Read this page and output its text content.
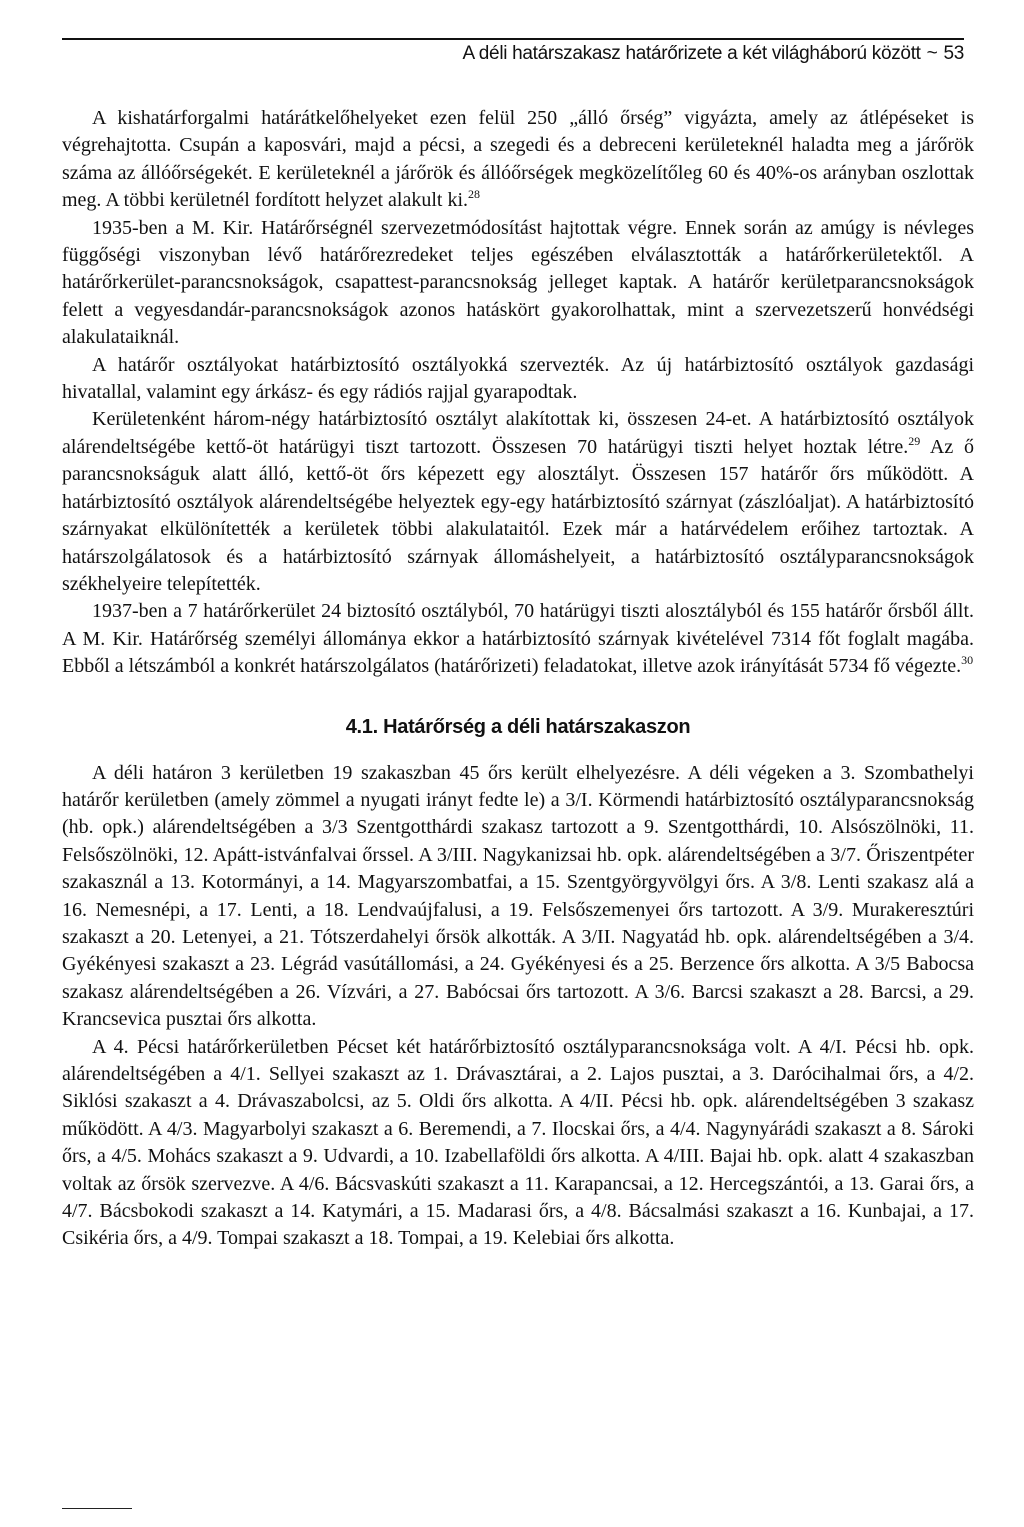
A déli határszakasz határőrizete a két világháború között ~ 53

A kishatárforgalmi határátkelőhelyeket ezen felül 250 „álló őrség” vigyázta, amely az átlépéseket is végrehajtotta. Csupán a kaposvári, majd a pécsi, a szegedi és a debreceni kerületeknél haladta meg a járőrök száma az állóőrségekét. E kerületeknél a járőrök és állóőrségek megközelítőleg 60 és 40%-os arányban oszlottak meg. A többi kerületnél fordított helyzet alakult ki.$^{28}$

1935-ben a M. Kir. Határőrségnél szervezetmódosítást hajtottak végre. Ennek során az amúgy is névleges függőségi viszonyban lévő határőrezredeket teljes egészében elválasztották a határőrkerületektől. A határőrkerület-parancsnokságok, csapattest-parancsnokság jelleget kaptak. A határőr kerületparancsnokságok felett a vegyesdandár-parancsnokságok azonos hatáskört gyakorolhattak, mint a szervezetszerű honvédségi alakulataiknál.

A határőr osztályokat határbiztosító osztályokká szervezték. Az új határbiztosító osztályok gazdasági hivatallal, valamint egy árkász- és egy rádiós rajjal gyarapodtak.

Kerületenként három-négy határbiztosító osztályt alakítottak ki, összesen 24-et. A határbiztosító osztályok alárendeltségébe kettő-öt határügyi tiszt tartozott. Összesen 70 határügyi tiszti helyet hoztak létre.$^{29}$ Az ő parancsnokságuk alatt álló, kettő-öt őrs képezett egy alosztályt. Összesen 157 határőr őrs működött. A határbiztosító osztályok alárendeltségébe helyeztek egy-egy határbiztosító szárnyat (zászlóaljat). A határbiztosító szárnyakat elkülönítették a kerületek többi alakulataitól. Ezek már a határvédelem erőihez tartoztak. A határszolgálatosok és a határbiztosító szárnyak állomáshelyeit, a határbiztosító osztályparancsnokságok székhelyeire telepítették.

1937-ben a 7 határőrkerület 24 biztosító osztályból, 70 határügyi tiszti alosztályból és 155 határőr őrsből állt. A M. Kir. Határőrség személyi állománya ekkor a határbiztosító szárnyak kivételével 7314 főt foglalt magába. Ebből a létszámból a konkrét határszolgálatos (határőrizeti) feladatokat, illetve azok irányítását 5734 fő végezte.$^{30}$

4.1. Határőrség a déli határszakaszon

A déli határon 3 kerületben 19 szakaszban 45 őrs került elhelyezésre. A déli végeken a 3. Szombathelyi határőr kerületben (amely zömmel a nyugati irányt fedte le) a 3/I. Körmendi határbiztosító osztályparancsnokság (hb. opk.) alárendeltségében a 3/3 Szentgotthárdi szakasz tartozott a 9. Szentgotthárdi, 10. Alsószölnöki, 11. Felsőszölnöki, 12. Apátt-istvánfalvai őrssel. A 3/III. Nagykanizsai hb. opk. alárendeltségében a 3/7. Őriszentpéter szakasznál a 13. Kotormányi, a 14. Magyarszombatfai, a 15. Szentgyörgyvölgyi őrs. A 3/8. Lenti szakasz alá a 16. Nemesnépi, a 17. Lenti, a 18. Lendvaújfalusi, a 19. Felsőszemenyei őrs tartozott. A 3/9. Murakeresztúri szakaszt a 20. Letenyei, a 21. Tótszerdahelyi őrsök alkották. A 3/II. Nagyatád hb. opk. alárendeltségében a 3/4. Gyékényesi szakaszt a 23. Légrád vasútállomási, a 24. Gyékényesi és a 25. Berzence őrs alkotta. A 3/5 Babocsa szakasz alárendeltségében a 26. Vízvári, a 27. Babócsai őrs tartozott. A 3/6. Barcsi szakaszt a 28. Barcsi, a 29. Krancsevica pusztai őrs alkotta.

A 4. Pécsi határőrkerületben Pécset két határőrbiztosító osztályparancsnoksága volt. A 4/I. Pécsi hb. opk. alárendeltségében a 4/1. Sellyei szakaszt az 1. Drávasztárai, a 2. Lajos pusztai, a 3. Darócihalmai őrs, a 4/2. Siklósi szakaszt a 4. Drávaszabolcsi, az 5. Oldi őrs alkotta. A 4/II. Pécsi hb. opk. alárendeltségében 3 szakasz működött. A 4/3. Magyarbolyi szakaszt a 6. Beremendi, a 7. Ilocskai őrs, a 4/4. Nagynyárádi szakaszt a 8. Sároki őrs, a 4/5. Mohács szakaszt a 9. Udvardi, a 10. Izabellaföldi őrs alkotta. A 4/III. Bajai hb. opk. alatt 4 szakaszban voltak az őrsök szervezve. A 4/6. Bácsvaskúti szakaszt a 11. Karapancsai, a 12. Hercegszántói, a 13. Garai őrs, a 4/7. Bácsbokodi szakaszt a 14. Katymári, a 15. Madarasi őrs, a 4/8. Bácsalmási szakaszt a 16. Kunbajai, a 17. Csikéria őrs, a 4/9. Tompai szakaszt a 18. Tompai, a 19. Kelebiai őrs alkotta.
